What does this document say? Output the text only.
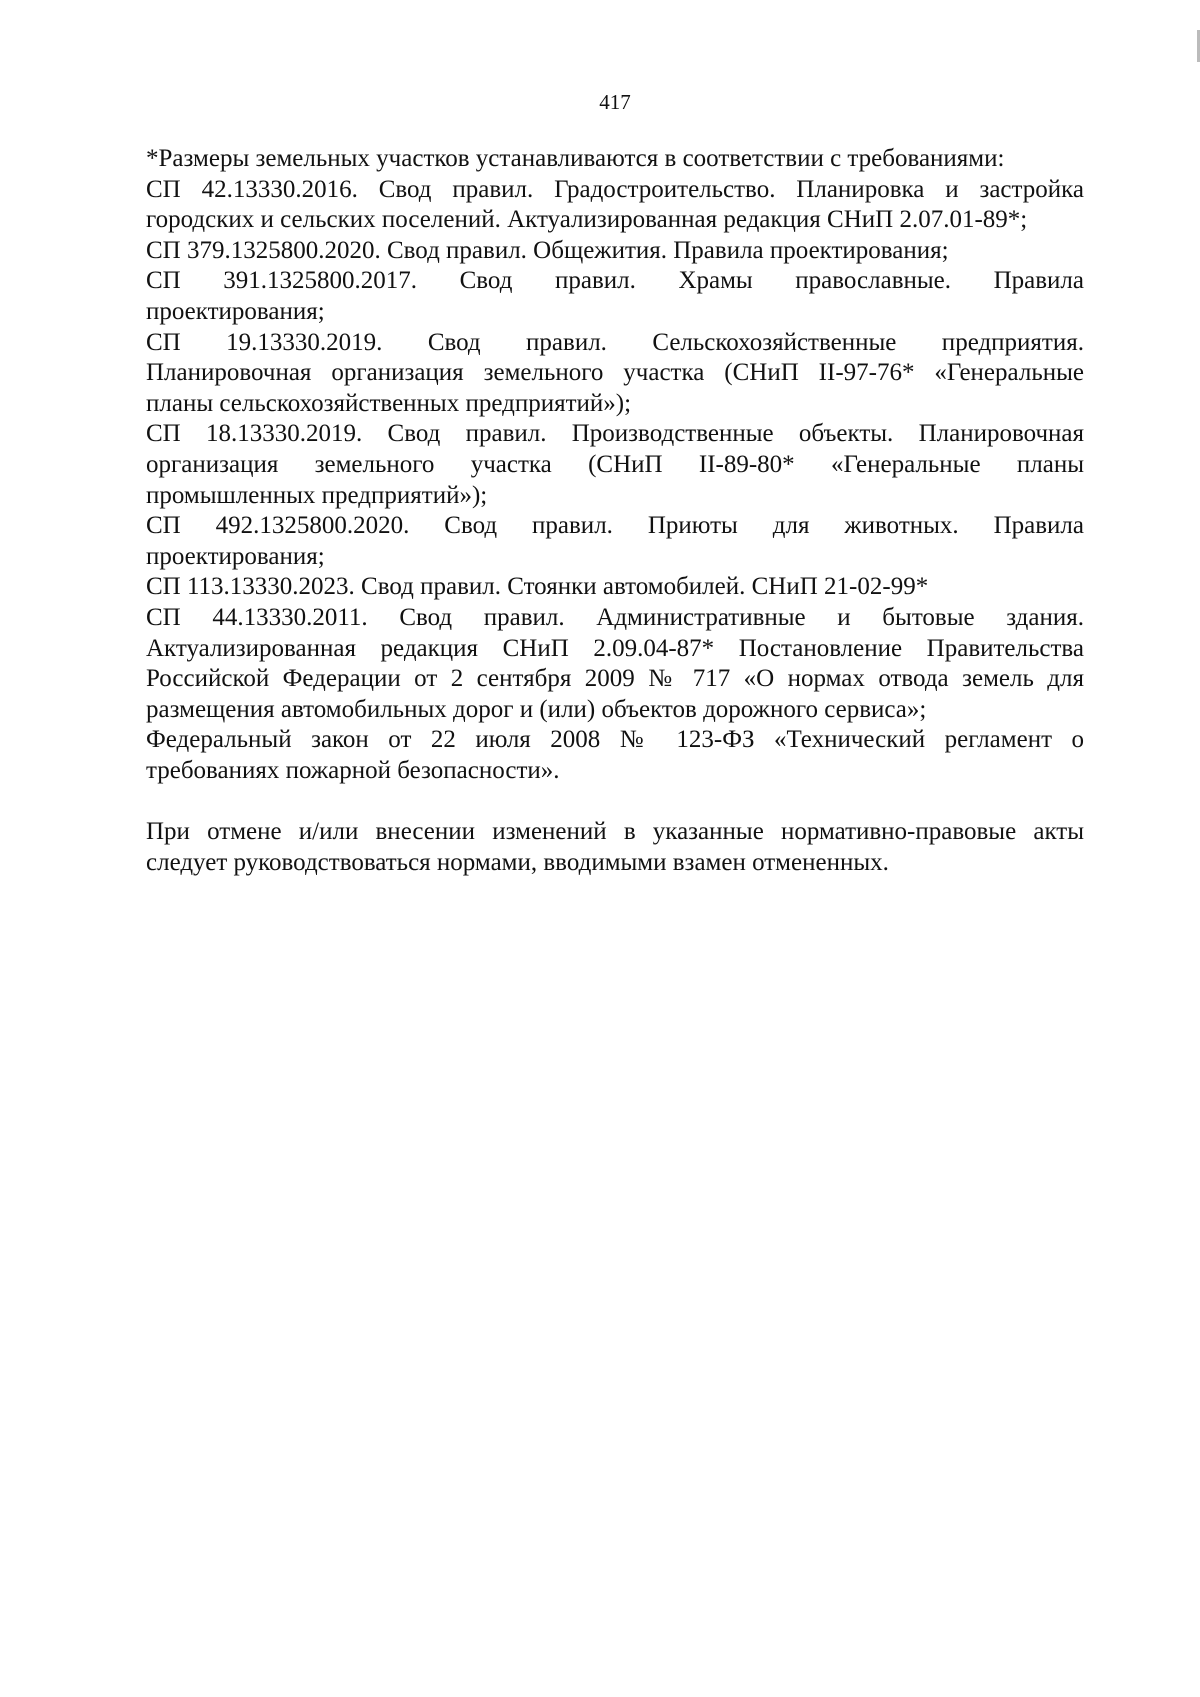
417
*Размеры земельных участков устанавливаются в соответствии с требованиями:
СП 42.13330.2016. Свод правил. Градостроительство. Планировка и застройка
городских и сельских поселений. Актуализированная редакция СНиП 2.07.01-89*;
СП 379.1325800.2020. Свод правил. Общежития. Правила проектирования;
СП 391.1325800.2017. Свод правил. Храмы православные. Правила
проектирования;
СП 19.13330.2019. Свод правил. Сельскохозяйственные предприятия.
Планировочная организация земельного участка (СНиП II-97-76* «Генеральные
планы сельскохозяйственных предприятий»);
СП 18.13330.2019. Свод правил. Производственные объекты. Планировочная
организация земельного участка (СНиП II-89-80* «Генеральные планы
промышленных предприятий»);
СП 492.1325800.2020. Свод правил. Приюты для животных. Правила
проектирования;
СП 113.13330.2023. Свод правил. Стоянки автомобилей. СНиП 21-02-99*
СП 44.13330.2011. Свод правил. Административные и бытовые здания.
Актуализированная редакция СНиП 2.09.04-87* Постановление Правительства
Российской Федерации от 2 сентября 2009 № 717 «О нормах отвода земель для
размещения автомобильных дорог и (или) объектов дорожного сервиса»;
Федеральный закон от 22 июля 2008 № 123-ФЗ «Технический регламент о
требованиях пожарной безопасности».
При отмене и/или внесении изменений в указанные нормативно-правовые акты
следует руководствоваться нормами, вводимыми взамен отмененных.
